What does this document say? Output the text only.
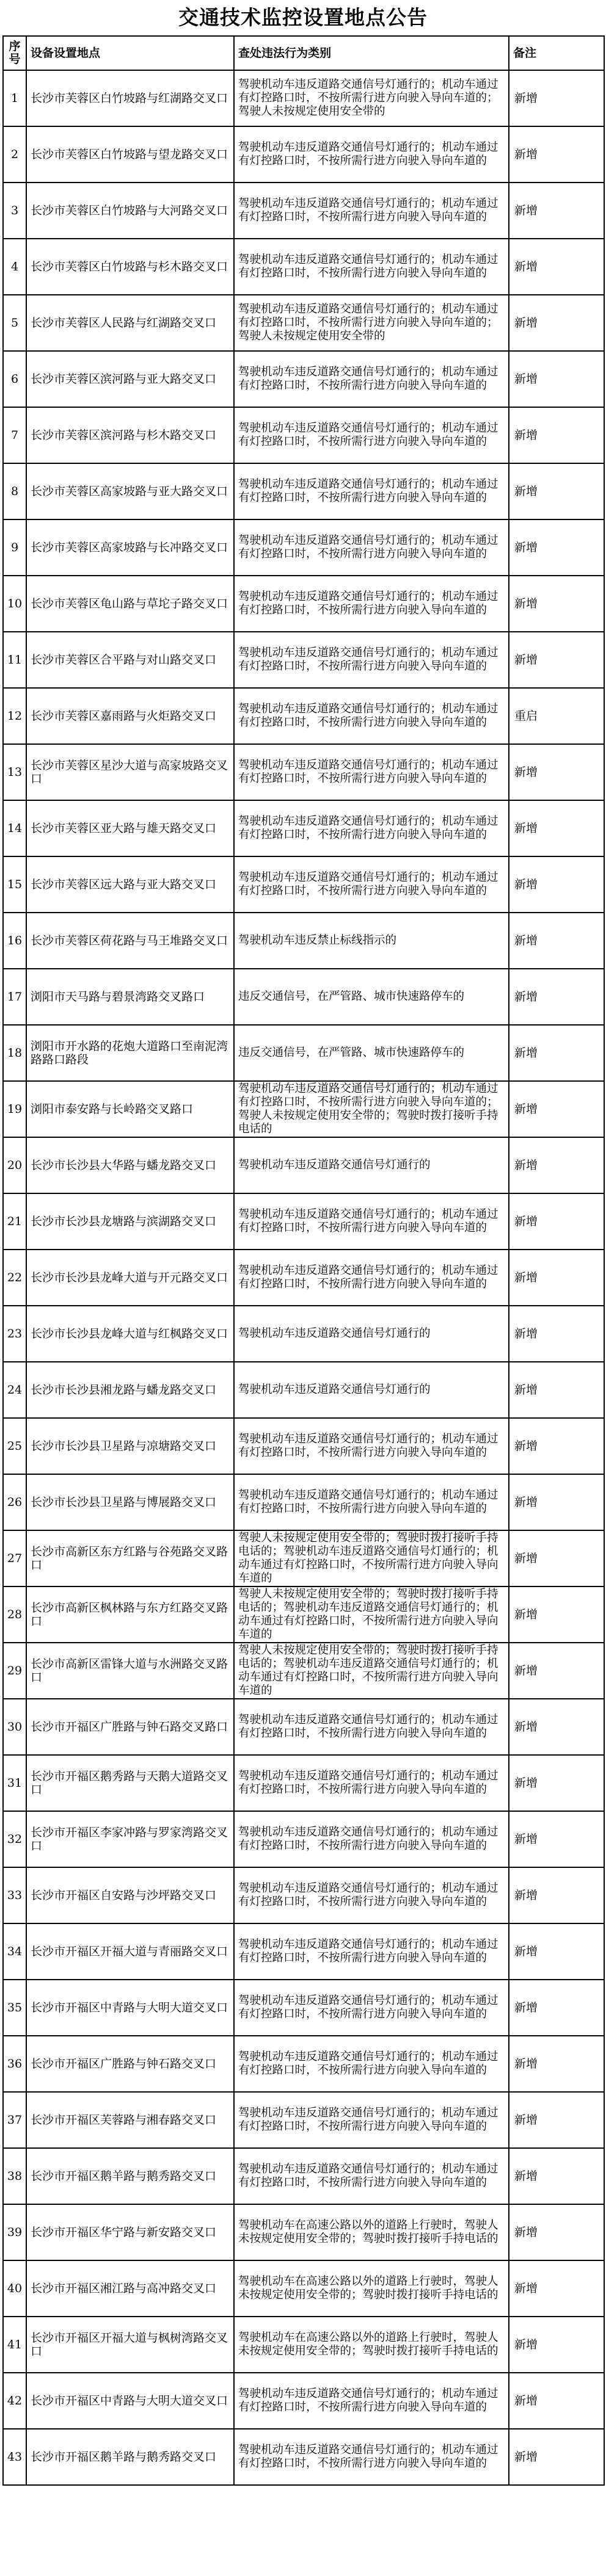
交通技术监控设置地点公告
序号	设备设置地点	查处违法行为类别	备注
1	长沙市芙蓉区白竹坡路与红湖路交叉口	驾驶机动车违反道路交通信号灯通行的；机动车通过有灯控路口时，不按所需行进方向驶入导向车道的；驾驶人未按规定使用安全带的	新增
2	长沙市芙蓉区白竹坡路与望龙路交叉口	驾驶机动车违反道路交通信号灯通行的；机动车通过有灯控路口时，不按所需行进方向驶入导向车道的	新增
3	长沙市芙蓉区白竹坡路与大河路交叉口	驾驶机动车违反道路交通信号灯通行的；机动车通过有灯控路口时，不按所需行进方向驶入导向车道的	新增
4	长沙市芙蓉区白竹坡路与杉木路交叉口	驾驶机动车违反道路交通信号灯通行的；机动车通过有灯控路口时，不按所需行进方向驶入导向车道的	新增
5	长沙市芙蓉区人民路与红湖路交叉口	驾驶机动车违反道路交通信号灯通行的；机动车通过有灯控路口时，不按所需行进方向驶入导向车道的；驾驶人未按规定使用安全带的	新增
6	长沙市芙蓉区滨河路与亚大路交叉口	驾驶机动车违反道路交通信号灯通行的；机动车通过有灯控路口时，不按所需行进方向驶入导向车道的	新增
7	长沙市芙蓉区滨河路与杉木路交叉口	驾驶机动车违反道路交通信号灯通行的；机动车通过有灯控路口时，不按所需行进方向驶入导向车道的	新增
8	长沙市芙蓉区高家坡路与亚大路交叉口	驾驶机动车违反道路交通信号灯通行的；机动车通过有灯控路口时，不按所需行进方向驶入导向车道的	新增
9	长沙市芙蓉区高家坡路与长冲路交叉口	驾驶机动车违反道路交通信号灯通行的；机动车通过有灯控路口时，不按所需行进方向驶入导向车道的	新增
10	长沙市芙蓉区龟山路与草坨子路交叉口	驾驶机动车违反道路交通信号灯通行的；机动车通过有灯控路口时，不按所需行进方向驶入导向车道的	新增
11	长沙市芙蓉区合平路与对山路交叉口	驾驶机动车违反道路交通信号灯通行的；机动车通过有灯控路口时，不按所需行进方向驶入导向车道的	新增
12	长沙市芙蓉区嘉雨路与火炬路交叉口	驾驶机动车违反道路交通信号灯通行的；机动车通过有灯控路口时，不按所需行进方向驶入导向车道的	重启
13	长沙市芙蓉区星沙大道与高家坡路交叉口	驾驶机动车违反道路交通信号灯通行的；机动车通过有灯控路口时，不按所需行进方向驶入导向车道的	新增
14	长沙市芙蓉区亚大路与雄天路交叉口	驾驶机动车违反道路交通信号灯通行的；机动车通过有灯控路口时，不按所需行进方向驶入导向车道的	新增
15	长沙市芙蓉区远大路与亚大路交叉口	驾驶机动车违反道路交通信号灯通行的；机动车通过有灯控路口时，不按所需行进方向驶入导向车道的	新增
16	长沙市芙蓉区荷花路与马王堆路交叉口	驾驶机动车违反禁止标线指示的	新增
17	浏阳市天马路与碧景湾路交叉路口	违反交通信号，在严管路、城市快速路停车的	新增
18	浏阳市开水路的花炮大道路口至南泥湾路路口路段	违反交通信号，在严管路、城市快速路停车的	新增
19	浏阳市泰安路与长岭路交叉路口	驾驶机动车违反道路交通信号灯通行的；机动车通过有灯控路口时，不按所需行进方向驶入导向车道的；驾驶人未按规定使用安全带的；驾驶时拨打接听手持电话的	新增
20	长沙市长沙县大华路与蟠龙路交叉口	驾驶机动车违反道路交通信号灯通行的	新增
21	长沙市长沙县龙塘路与滨湖路交叉口	驾驶机动车违反道路交通信号灯通行的；机动车通过有灯控路口时，不按所需行进方向驶入导向车道的	新增
22	长沙市长沙县龙峰大道与开元路交叉口	驾驶机动车违反道路交通信号灯通行的；机动车通过有灯控路口时，不按所需行进方向驶入导向车道的	新增
23	长沙市长沙县龙峰大道与红枫路交叉口	驾驶机动车违反道路交通信号灯通行的	新增
24	长沙市长沙县湘龙路与蟠龙路交叉口	驾驶机动车违反道路交通信号灯通行的	新增
25	长沙市长沙县卫星路与凉塘路交叉口	驾驶机动车违反道路交通信号灯通行的；机动车通过有灯控路口时，不按所需行进方向驶入导向车道的	新增
26	长沙市长沙县卫星路与博展路交叉口	驾驶机动车违反道路交通信号灯通行的；机动车通过有灯控路口时，不按所需行进方向驶入导向车道的	新增
27	长沙市高新区东方红路与谷苑路交叉路口	驾驶人未按规定使用安全带的；驾驶时拨打接听手持电话的；驾驶机动车违反道路交通信号灯通行的；机动车通过有灯控路口时，不按所需行进方向驶入导向车道的	新增
28	长沙市高新区枫林路与东方红路交叉路口	驾驶人未按规定使用安全带的；驾驶时拨打接听手持电话的；驾驶机动车违反道路交通信号灯通行的；机动车通过有灯控路口时，不按所需行进方向驶入导向车道的	新增
29	长沙市高新区雷锋大道与水洲路交叉路口	驾驶人未按规定使用安全带的；驾驶时拨打接听手持电话的；驾驶机动车违反道路交通信号灯通行的；机动车通过有灯控路口时，不按所需行进方向驶入导向车道的	新增
30	长沙市开福区广胜路与钟石路交叉路口	驾驶机动车违反道路交通信号灯通行的；机动车通过有灯控路口时，不按所需行进方向驶入导向车道的	新增
31	长沙市开福区鹅秀路与天鹅大道路交叉口	驾驶机动车违反道路交通信号灯通行的；机动车通过有灯控路口时，不按所需行进方向驶入导向车道的	新增
32	长沙市开福区李家冲路与罗家湾路交叉口	驾驶机动车违反道路交通信号灯通行的；机动车通过有灯控路口时，不按所需行进方向驶入导向车道的	新增
33	长沙市开福区自安路与沙坪路交叉口	驾驶机动车违反道路交通信号灯通行的；机动车通过有灯控路口时，不按所需行进方向驶入导向车道的	新增
34	长沙市开福区开福大道与青丽路交叉口	驾驶机动车违反道路交通信号灯通行的；机动车通过有灯控路口时，不按所需行进方向驶入导向车道的	新增
35	长沙市开福区中青路与大明大道交叉口	驾驶机动车违反道路交通信号灯通行的；机动车通过有灯控路口时，不按所需行进方向驶入导向车道的	新增
36	长沙市开福区广胜路与钟石路交叉口	驾驶机动车违反道路交通信号灯通行的；机动车通过有灯控路口时，不按所需行进方向驶入导向车道的	新增
37	长沙市开福区芙蓉路与湘春路交叉口	驾驶机动车违反道路交通信号灯通行的；机动车通过有灯控路口时，不按所需行进方向驶入导向车道的	新增
38	长沙市开福区鹅羊路与鹅秀路交叉口	驾驶机动车违反道路交通信号灯通行的；机动车通过有灯控路口时，不按所需行进方向驶入导向车道的	新增
39	长沙市开福区华宁路与新安路交叉口	驾驶机动车在高速公路以外的道路上行驶时，驾驶人未按规定使用安全带的；驾驶时拨打接听手持电话的	新增
40	长沙市开福区湘江路与高冲路交叉口	驾驶机动车在高速公路以外的道路上行驶时，驾驶人未按规定使用安全带的；驾驶时拨打接听手持电话的	新增
41	长沙市开福区开福大道与枫树湾路交叉口	驾驶机动车在高速公路以外的道路上行驶时，驾驶人未按规定使用安全带的；驾驶时拨打接听手持电话的	新增
42	长沙市开福区中青路与大明大道交叉口	驾驶机动车违反道路交通信号灯通行的；机动车通过有灯控路口时，不按所需行进方向驶入导向车道的	新增
43	长沙市开福区鹅羊路与鹅秀路交叉口	驾驶机动车违反道路交通信号灯通行的；机动车通过有灯控路口时，不按所需行进方向驶入导向车道的	新增
